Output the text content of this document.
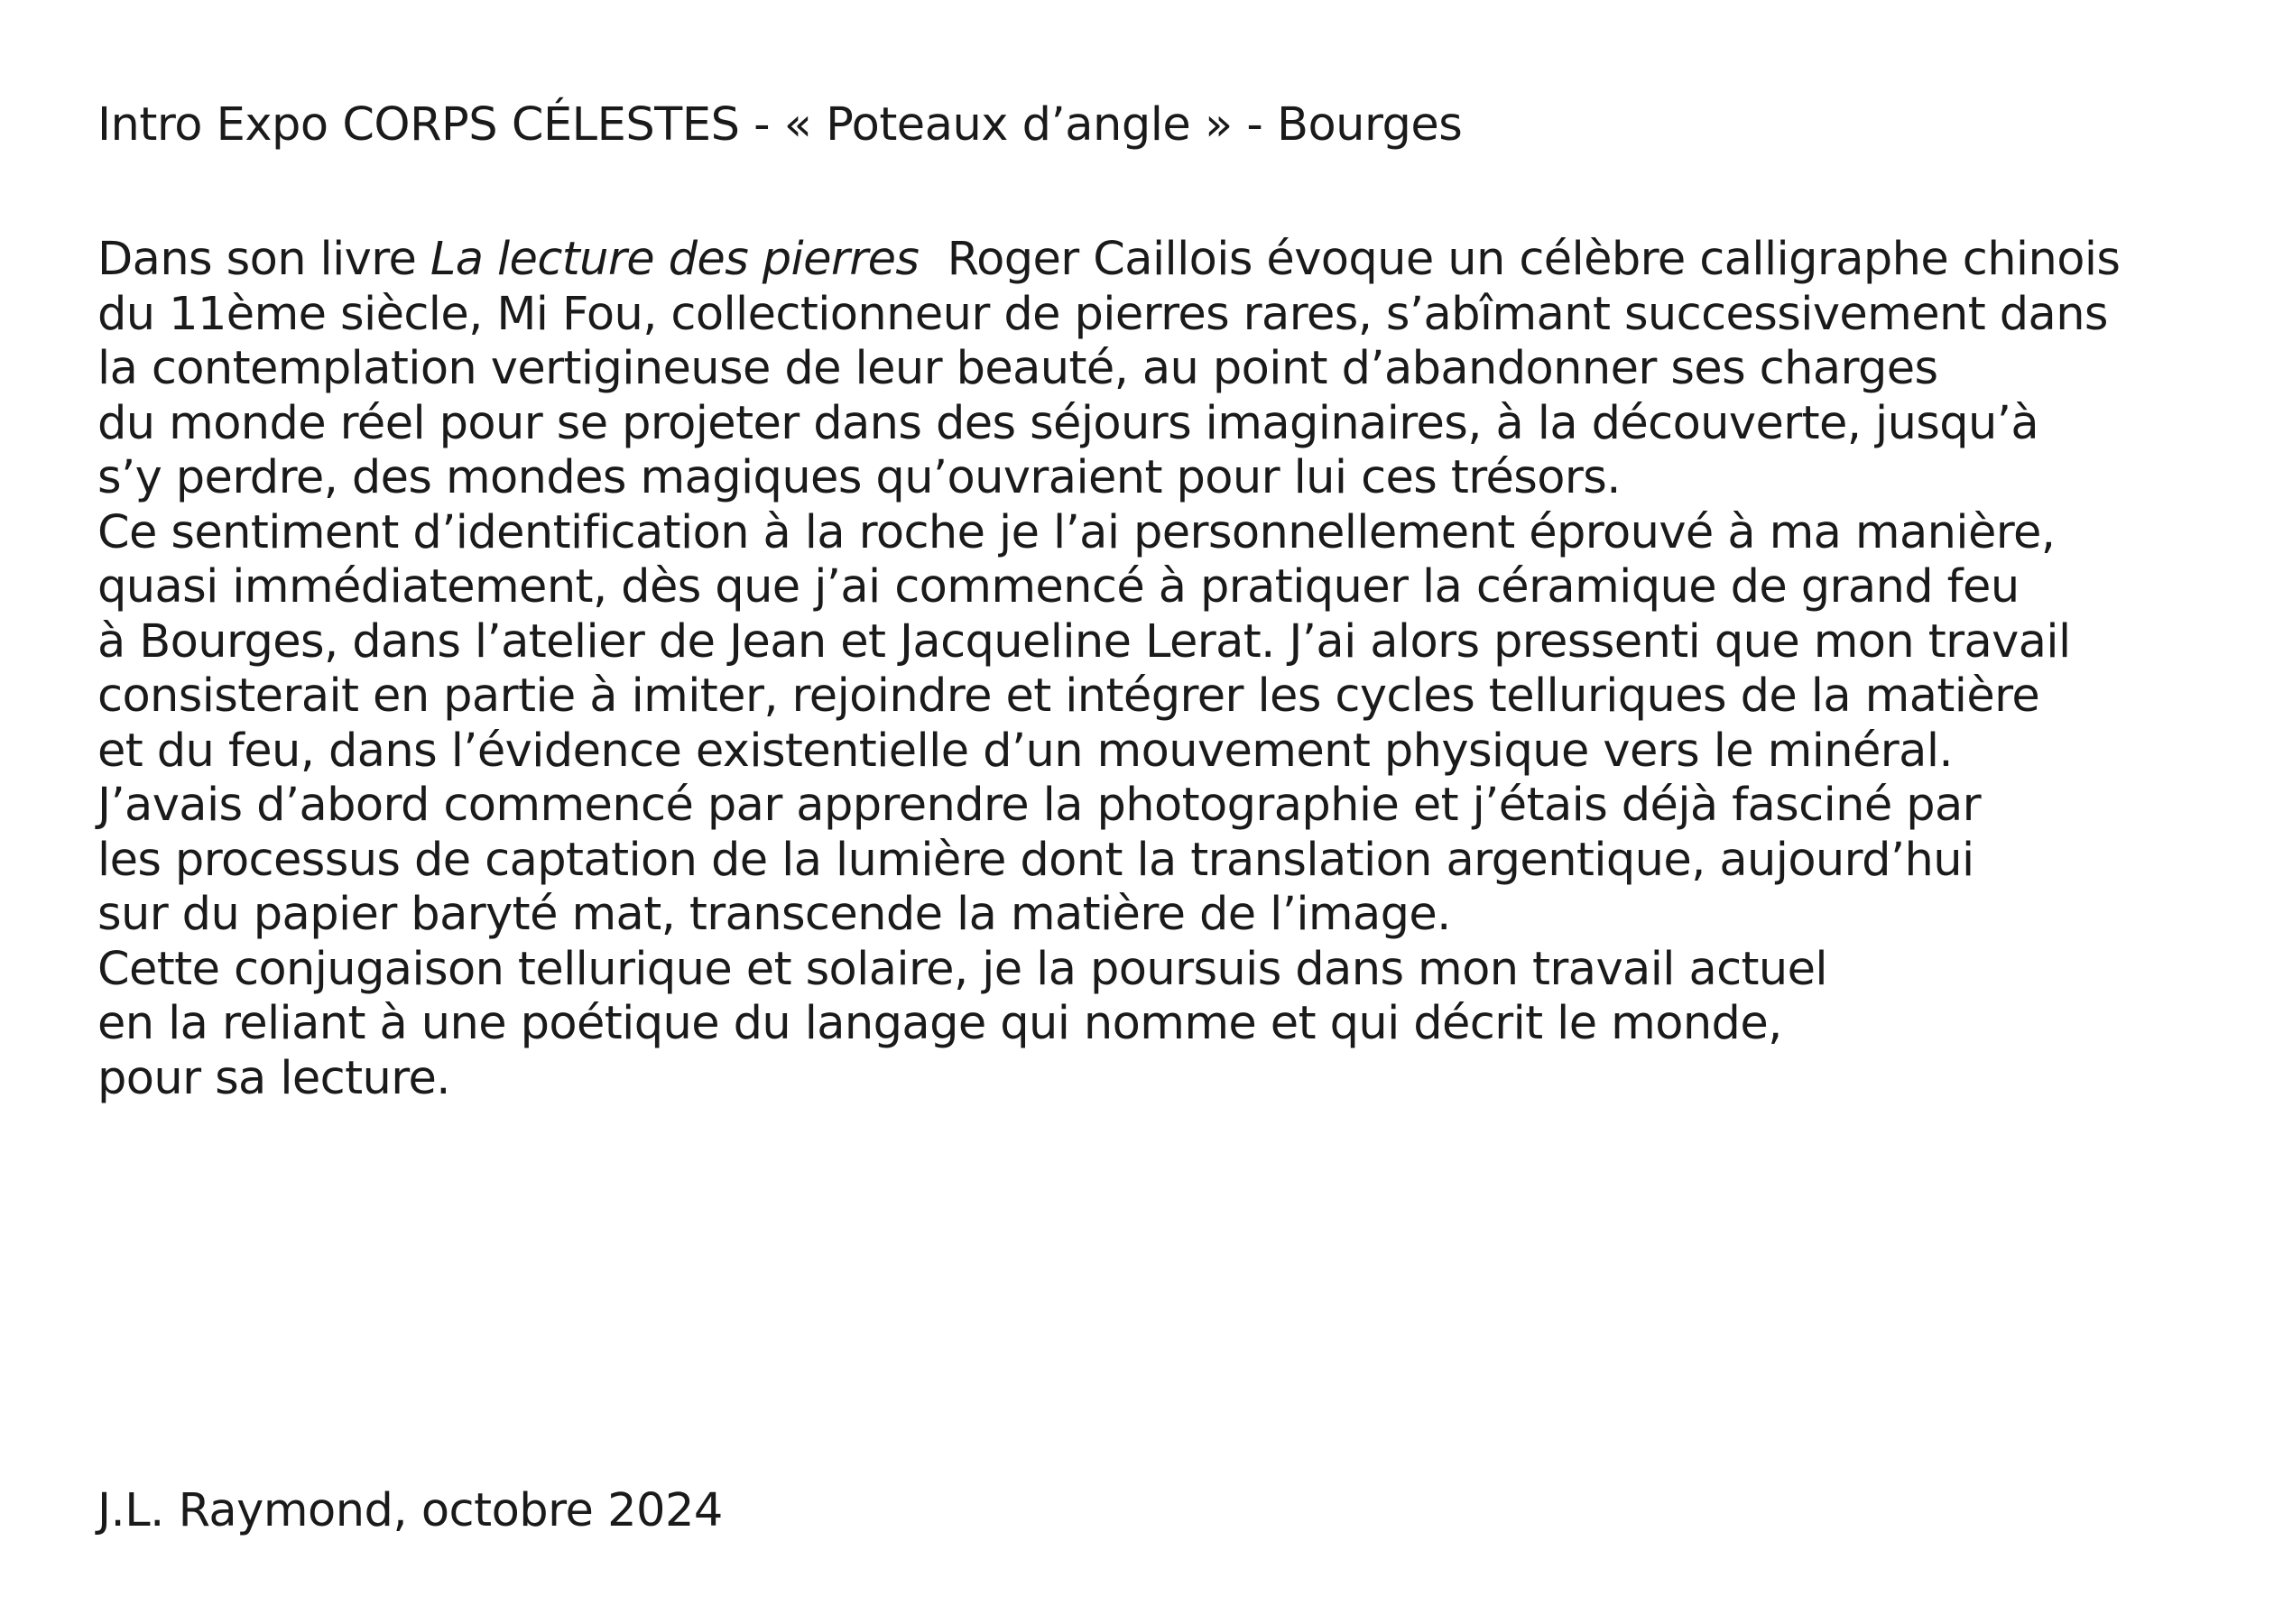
Intro Expo CORPS CÉLESTES - « Poteaux d’angle » - Bourges
Dans son livre La lecture des pierres  Roger Caillois évoque un célèbre calligraphe chinois
du 11ème siècle, Mi Fou, collectionneur de pierres rares, s’abîmant successivement dans
la contemplation vertigineuse de leur beauté, au point d’abandonner ses charges
du monde réel pour se projeter dans des séjours imaginaires, à la découverte, jusqu’à
s’y perdre, des mondes magiques qu’ouvraient pour lui ces trésors.
Ce sentiment d’identification à la roche je l’ai personnellement éprouvé à ma manière,
quasi immédiatement, dès que j’ai commencé à pratiquer la céramique de grand feu
à Bourges, dans l’atelier de Jean et Jacqueline Lerat. J’ai alors pressenti que mon travail
consisterait en partie à imiter, rejoindre et intégrer les cycles telluriques de la matière
et du feu, dans l’évidence existentielle d’un mouvement physique vers le minéral.
J’avais d’abord commencé par apprendre la photographie et j’étais déjà fasciné par
les processus de captation de la lumière dont la translation argentique, aujourd’hui
sur du papier baryté mat, transcende la matière de l’image.
Cette conjugaison tellurique et solaire, je la poursuis dans mon travail actuel
en la reliant à une poétique du langage qui nomme et qui décrit le monde,
pour sa lecture.
J.L. Raymond, octobre 2024
